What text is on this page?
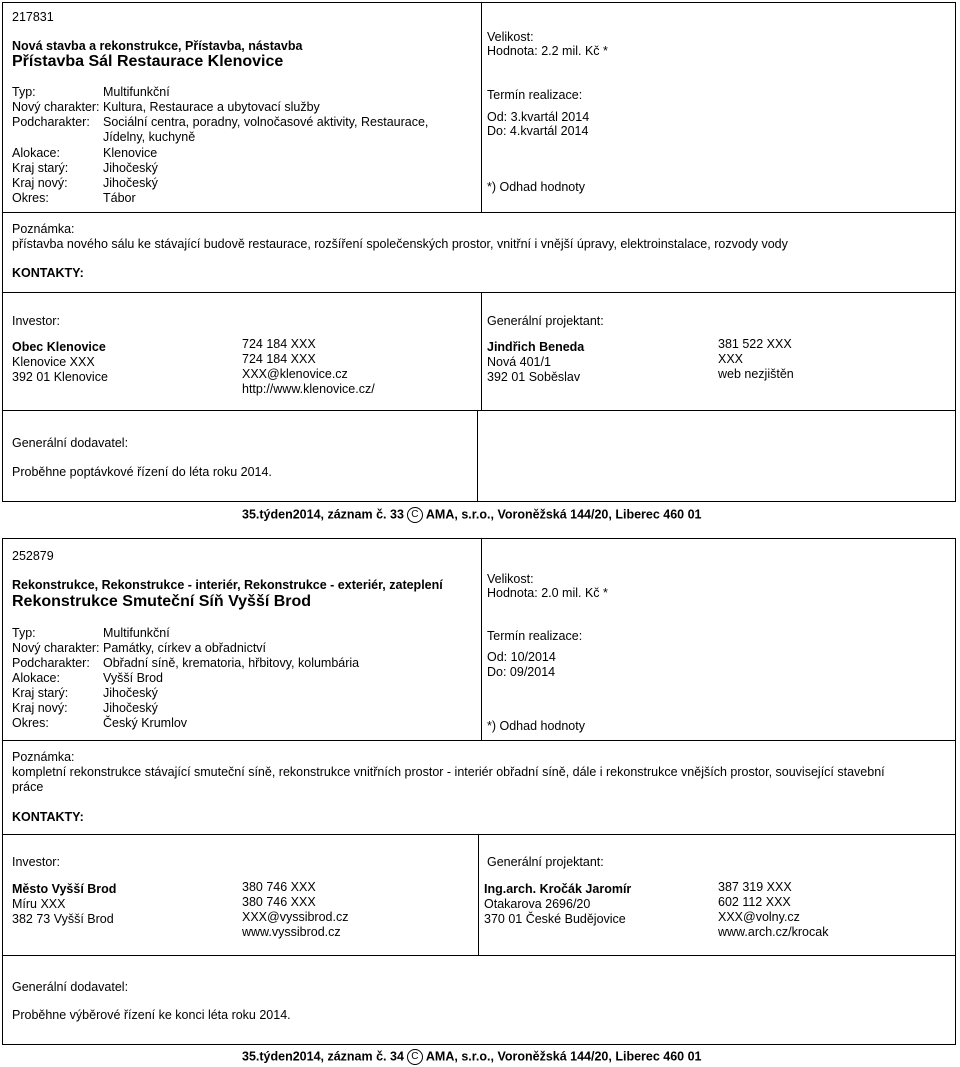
217831
Nová stavba a rekonstrukce, Přístavba, nástavba
Přístavba Sál Restaurace Klenovice
Typ:	Multifunkční
Nový charakter: Kultura, Restaurace a ubytovací služby
Podcharakter: Sociální centra, poradny, volnočasové aktivity, Restaurace,
Jídelny, kuchyně
Alokace:	Klenovice
Kraj starý:	Jihočeský
Kraj nový:	Jihočeský
Okres:	Tábor
Velikost:
Hodnota: 2.2 mil. Kč *
Termín realizace:
Od: 3.kvartál 2014
Do: 4.kvartál 2014
*) Odhad hodnoty
Poznámka:
přístavba nového sálu ke stávající budově restaurace, rozšíření společenských prostor, vnitřní i vnější úpravy, elektroinstalace, rozvody vody
KONTAKTY:
Investor:
Obec Klenovice
Klenovice XXX
392 01 Klenovice
724 184 XXX
724 184 XXX
XXX@klenovice.cz
http://www.klenovice.cz/
Generální projektant:
Jindřich Beneda
Nová 401/1
392 01 Soběslav
381 522 XXX
XXX
web nezjištěn
Generální dodavatel:
Proběhne poptávkové řízení do léta roku 2014.
35.týden2014, záznam č. 33 C AMA, s.r.o., Voroněžská 144/20, Liberec 460 01
252879
Rekonstrukce, Rekonstrukce - interiér, Rekonstrukce - exteriér, zateplení
Rekonstrukce Smuteční Síň Vyšší Brod
Typ:	Multifunkční
Nový charakter: Památky, církev a obřadnictví
Podcharakter: Obřadní síně, krematoria, hřbitovy, kolumbária
Alokace:	Vyšší Brod
Kraj starý:	Jihočeský
Kraj nový:	Jihočeský
Okres:	Český Krumlov
Velikost:
Hodnota: 2.0 mil. Kč *
Termín realizace:
Od: 10/2014
Do: 09/2014
*) Odhad hodnoty
Poznámka:
kompletní rekonstrukce stávající smuteční síně, rekonstrukce vnitřních prostor - interiér obřadní síně, dále i rekonstrukce vnějších prostor, související stavební
práce
KONTAKTY:
Investor:
Město Vyšší Brod
Míru XXX
382 73 Vyšší Brod
380 746 XXX
380 746 XXX
XXX@vyssibrod.cz
www.vyssibrod.cz
Generální projektant:
Ing.arch. Kročák Jaromír
Otakarova 2696/20
370 01 České Budějovice
387 319 XXX
602 112 XXX
XXX@volny.cz
www.arch.cz/krocak
Generální dodavatel:
Proběhne výběrové řízení ke konci léta roku 2014.
35.týden2014, záznam č. 34 C AMA, s.r.o., Voroněžská 144/20, Liberec 460 01
